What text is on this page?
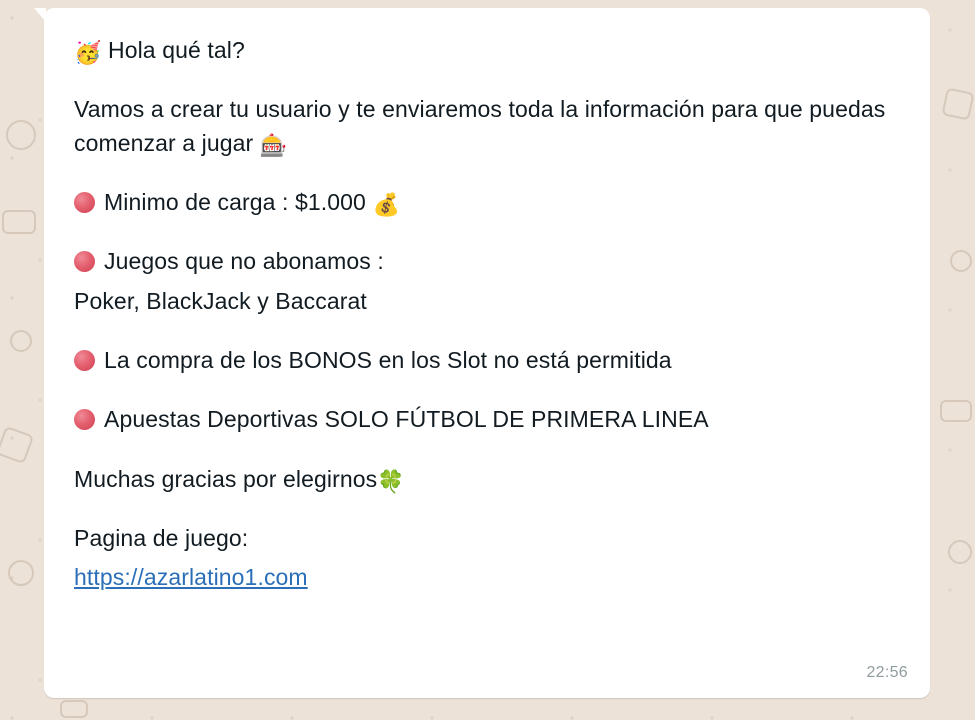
🥳 Hola qué tal?
Vamos a crear tu usuario y te enviaremos toda la información para que puedas comenzar a jugar 🎰
Minimo de carga : $1.000 💰
Juegos que no abonamos :
Poker, BlackJack y Baccarat
La compra de los BONOS en los Slot no está permitida
Apuestas Deportivas SOLO FÚTBOL DE PRIMERA LINEA
Muchas gracias por elegirnos🍀
Pagina de juego:
https://azarlatino1.com
22:56
